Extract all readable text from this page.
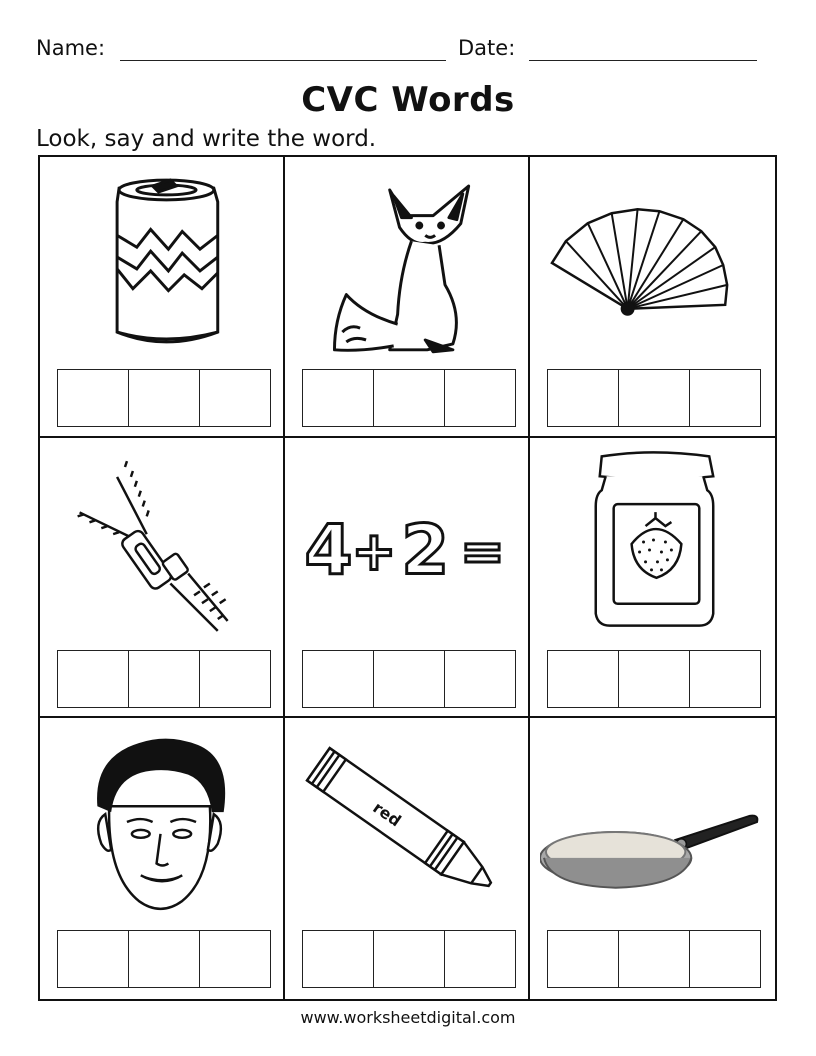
Name:	Date:
CVC Words
Look, say and write the word.
4 + 2 =
red
www.worksheetdigital.com
